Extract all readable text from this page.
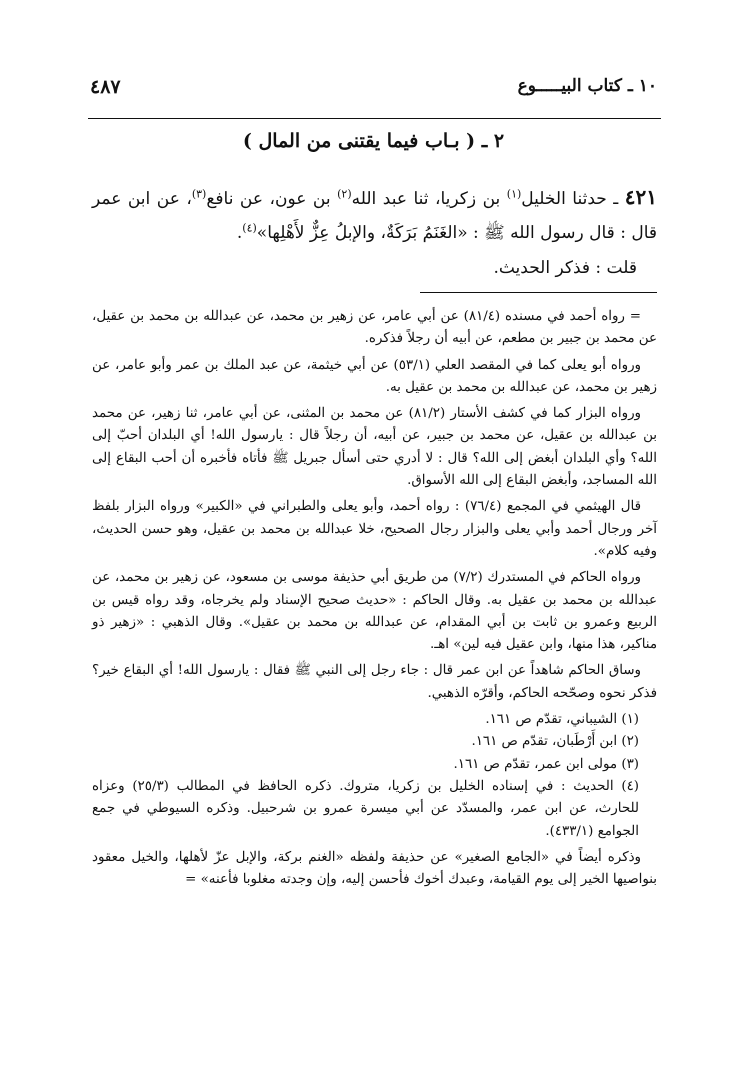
١٠ ـ كتاب البيـــــوع
٤٨٧
٢ ـ ( بـاب فيما يقتنى من المال )
٤٢١ ـ حدثنا الخليل$^{(١)}$ بن زكريا، ثنا عبد الله$^{(٢)}$ بن عون، عن نافع$^{(٣)}$، عن ابن عمر قال : قال رسول الله ﷺ : «الغَنَمُ بَرَكَةٌ، والإبلُ عِزٌّ لأَهْلِها»$^{(٤)}$.
قلت : فذكر الحديث.

= رواه أحمد في مسنده (٨١/٤) عن أبي عامر، عن زهير بن محمد، عن عبدالله بن محمد بن عقيل، عن محمد بن جبير بن مطعم، عن أبيه أن رجلاً فذكره.

ورواه أبو يعلى كما في المقصد العلي (٥٣/١) عن أبي خيثمة، عن عبد الملك بن عمر وأبو عامر، عن زهير بن محمد، عن عبدالله بن محمد بن عقيل به.

ورواه البزار كما في كشف الأستار (٨١/٢) عن محمد بن المثنى، عن أبي عامر، ثنا زهير، عن محمد بن عبدالله بن عقيل، عن محمد بن جبير، عن أبيه، أن رجلاً قال : يارسول الله! أي البلدان أحبّ إلى الله؟ وأي البلدان أبغض إلى الله؟ قال : لا أدري حتى أسأل جبريل ﷺ فأتاه فأخبره أن أحب البقاع إلى الله المساجد، وأبغض البقاع إلى الله الأسواق.

قال الهيثمي في المجمع (٧٦/٤) : رواه أحمد، وأبو يعلى والطبراني في «الكبير» ورواه البزار بلفظ آخر ورجال أحمد وأبي يعلى والبزار رجال الصحيح، خلا عبدالله بن محمد بن عقيل، وهو حسن الحديث، وفيه كلام».

ورواه الحاكم في المستدرك (٧/٢) من طريق أبي حذيفة موسى بن مسعود، عن زهير بن محمد، عن عبدالله بن محمد بن عقيل به. وقال الحاكم : «حديث صحيح الإسناد ولم يخرجاه، وقد رواه قيس بن الربيع وعمرو بن ثابت بن أبي المقدام، عن عبدالله بن محمد بن عقيل». وقال الذهبي : «زهير ذو مناكير، هذا منها، وابن عقيل فيه لين» اهـ.

وساق الحاكم شاهداً عن ابن عمر قال : جاء رجل إلى النبي ﷺ فقال : يارسول الله! أي البقاع خير؟ فذكر نحوه وصحّحه الحاكم، وأقرّه الذهبي.

(١) الشيباني، تقدّم ص ١٦١.

(٢) ابن أَرْطَبان، تقدّم ص ١٦١.

(٣) مولى ابن عمر، تقدّم ص ١٦١.

(٤) الحديث : في إسناده الخليل بن زكريا، متروك. ذكره الحافظ في المطالب (٢٥/٣) وعزاه للحارث، عن ابن عمر، والمسدّد عن أبي ميسرة عمرو بن شرحبيل. وذكره السيوطي في جمع الجوامع (٤٣٣/١).

وذكره أيضاً في «الجامع الصغير» عن حذيفة ولفظه «الغنم بركة، والإبل عزّ لأهلها، والخيل معقود بنواصيها الخير إلى يوم القيامة، وعبدك أخوك فأحسن إليه، وإن وجدته مغلوبا فأعنه» =
